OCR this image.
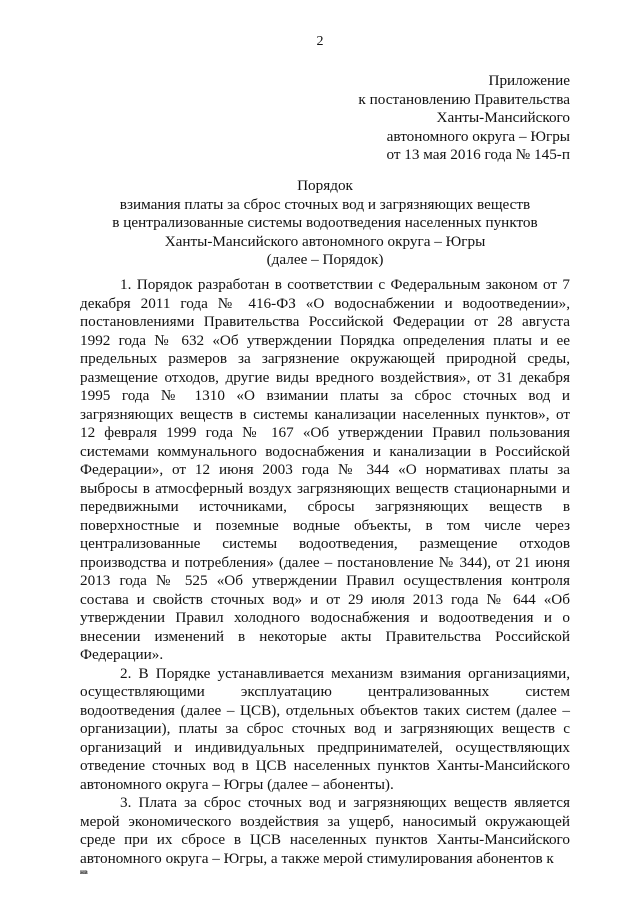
2
Приложение
к постановлению Правительства
Ханты-Мансийского
автономного округа – Югры
от 13 мая 2016 года № 145-п
Порядок
взимания платы за сброс сточных вод и загрязняющих веществ
в централизованные системы водоотведения населенных пунктов
Ханты-Мансийского автономного округа – Югры
(далее – Порядок)

1. Порядок разработан в соответствии с Федеральным законом от 7 декабря 2011 года № 416-ФЗ «О водоснабжении и водоотведении», постановлениями Правительства Российской Федерации от 28 августа 1992 года № 632 «Об утверждении Порядка определения платы и ее предельных размеров за загрязнение окружающей природной среды, размещение отходов, другие виды вредного воздействия», от 31 декабря 1995 года № 1310 «О взимании платы за сброс сточных вод и загрязняющих веществ в системы канализации населенных пунктов», от 12 февраля 1999 года № 167 «Об утверждении Правил пользования системами коммунального водоснабжения и канализации в Российской Федерации», от 12 июня 2003 года № 344 «О нормативах платы за выбросы в атмосферный воздух загрязняющих веществ стационарными и передвижными источниками, сбросы загрязняющих веществ в поверхностные и поземные водные объекты, в том числе через централизованные системы водоотведения, размещение отходов производства и потребления» (далее – постановление № 344), от 21 июня 2013 года № 525 «Об утверждении Правил осуществления контроля состава и свойств сточных вод» и от 29 июля 2013 года № 644 «Об утверждении Правил холодного водоснабжения и водоотведения и о внесении изменений в некоторые акты Правительства Российской Федерации».

2. В Порядке устанавливается механизм взимания организациями, осуществляющими эксплуатацию централизованных систем водоотведения (далее – ЦСВ), отдельных объектов таких систем (далее – организации), платы за сброс сточных вод и загрязняющих веществ с организаций и индивидуальных предпринимателей, осуществляющих отведение сточных вод в ЦСВ населенных пунктов Ханты-Мансийского автономного округа – Югры (далее – абоненты).

3. Плата за сброс сточных вод и загрязняющих веществ является мерой экономического воздействия за ущерб, наносимый окружающей среде при их сбросе в ЦСВ населенных пунктов Ханты-Мансийского автономного округа – Югры, а также мерой стимулирования абонентов к

нв
